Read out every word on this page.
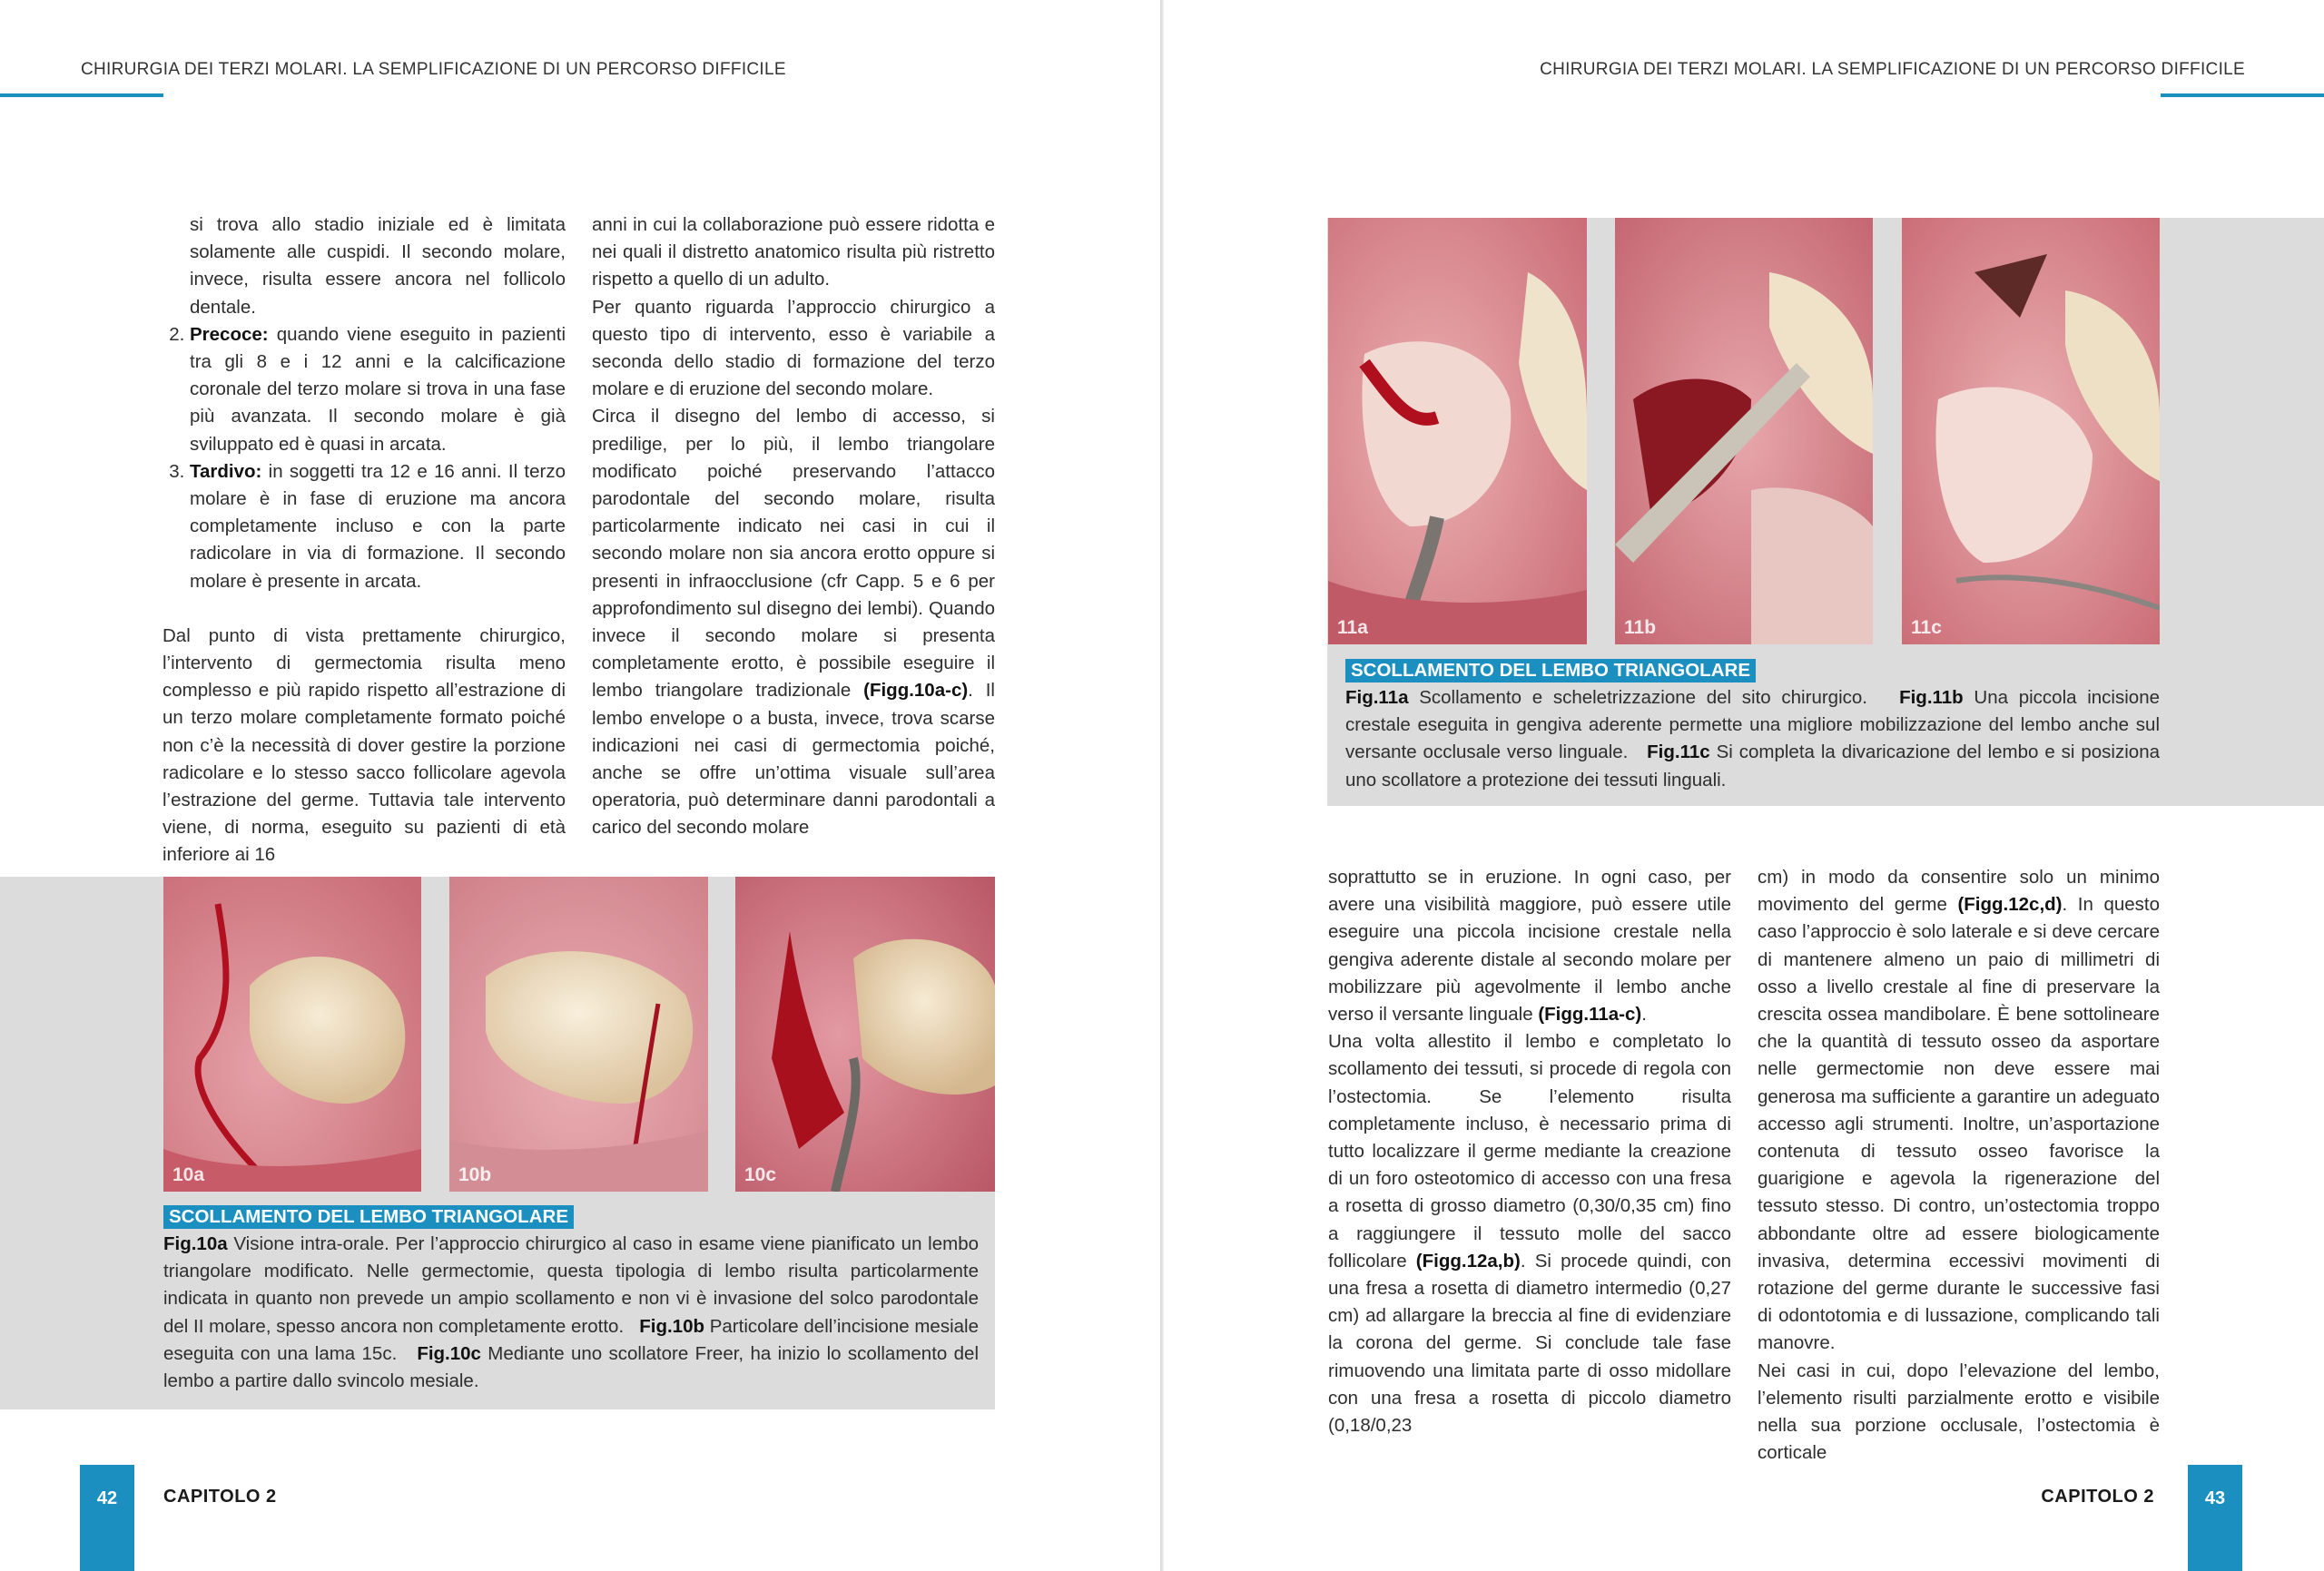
CHIRURGIA DEI TERZI MOLARI. LA SEMPLIFICAZIONE DI UN PERCORSO DIFFICILE	CHIRURGIA DEI TERZI MOLARI. LA SEMPLIFICAZIONE DI UN PERCORSO DIFFICILE

si trova allo stadio iniziale ed è limitata solamente alle cuspidi. Il secondo molare, invece, risulta essere ancora nel follicolo dentale.

2. Precoce: quando viene eseguito in pazienti tra gli 8 e i 12 anni e la calcificazione coronale del terzo molare si trova in una fase più avanzata. Il secondo molare è già sviluppato ed è quasi in arcata.
3. Tardivo: in soggetti tra 12 e 16 anni. Il terzo molare è in fase di eruzione ma ancora completamente incluso e con la parte radicolare in via di formazione. Il secondo molare è presente in arcata.

Dal punto di vista prettamente chirurgico, l’intervento di germectomia risulta meno complesso e più rapido rispetto all’estrazione di un terzo molare completamente formato poiché non c’è la necessità di dover gestire la porzione radicolare e lo stesso sacco follicolare agevola l’estrazione del germe. Tuttavia tale intervento viene, di norma, eseguito su pazienti di età inferiore ai 16

anni in cui la collaborazione può essere ridotta e nei quali il distretto anatomico risulta più ristretto rispetto a quello di un adulto.

Per quanto riguarda l’approccio chirurgico a questo tipo di intervento, esso è variabile a seconda dello stadio di formazione del terzo molare e di eruzione del secondo molare.

Circa il disegno del lembo di accesso, si predilige, per lo più, il lembo triangolare modificato poiché preservando l’attacco parodontale del secondo molare, risulta particolarmente indicato nei casi in cui il secondo molare non sia ancora erotto oppure si presenti in infraocclusione (cfr Capp. 5 e 6 per approfondimento sul disegno dei lembi). Quando invece il secondo molare si presenta completamente erotto, è possibile eseguire il lembo triangolare tradizionale (Figg.10a-c). Il lembo envelope o a busta, invece, trova scarse indicazioni nei casi di germectomia poiché, anche se offre un’ottima visuale sull’area operatoria, può determinare danni parodontali a carico del secondo molare

10a	10b	10c
SCOLLAMENTO DEL LEMBO TRIANGOLARE

Fig.10a Visione intra-orale. Per l’approccio chirurgico al caso in esame viene pianificato un lembo triangolare modificato. Nelle germectomie, questa tipologia di lembo risulta particolarmente indicata in quanto non prevede un ampio scollamento e non vi è invasione del solco parodontale del II molare, spesso ancora non completamente erotto. Fig.10b Particolare dell’incisione mesiale eseguita con una lama 15c. Fig.10c Mediante uno scollatore Freer, ha inizio lo scollamento del lembo a partire dallo svincolo mesiale.

11a	11b	11c
SCOLLAMENTO DEL LEMBO TRIANGOLARE

Fig.11a Scollamento e scheletrizzazione del sito chirurgico. Fig.11b Una piccola incisione crestale eseguita in gengiva aderente permette una migliore mobilizzazione del lembo anche sul versante occlusale verso linguale. Fig.11c Si completa la divaricazione del lembo e si posiziona uno scollatore a protezione dei tessuti linguali.

soprattutto se in eruzione. In ogni caso, per avere una visibilità maggiore, può essere utile eseguire una piccola incisione crestale nella gengiva aderente distale al secondo molare per mobilizzare più agevolmente il lembo anche verso il versante linguale (Figg.11a-c).

Una volta allestito il lembo e completato lo scollamento dei tessuti, si procede di regola con l’ostectomia. Se l’elemento risulta completamente incluso, è necessario prima di tutto localizzare il germe mediante la creazione di un foro osteotomico di accesso con una fresa a rosetta di grosso diametro (0,30/0,35 cm) fino a raggiungere il tessuto molle del sacco follicolare (Figg.12a,b). Si procede quindi, con una fresa a rosetta di diametro intermedio (0,27 cm) ad allargare la breccia al fine di evidenziare la corona del germe. Si conclude tale fase rimuovendo una limitata parte di osso midollare con una fresa a rosetta di piccolo diametro (0,18/0,23

cm) in modo da consentire solo un minimo movimento del germe (Figg.12c,d). In questo caso l’approccio è solo laterale e si deve cercare di mantenere almeno un paio di millimetri di osso a livello crestale al fine di preservare la crescita ossea mandibolare. È bene sottolineare che la quantità di tessuto osseo da asportare nelle germectomie non deve essere mai generosa ma sufficiente a garantire un adeguato accesso agli strumenti. Inoltre, un’asportazione contenuta di tessuto osseo favorisce la guarigione e agevola la rigenerazione del tessuto stesso. Di contro, un’ostectomia troppo abbondante oltre ad essere biologicamente invasiva, determina eccessivi movimenti di rotazione del germe durante le successive fasi di odontotomia e di lussazione, complicando tali manovre.

Nei casi in cui, dopo l’elevazione del lembo, l’elemento risulti parzialmente erotto e visibile nella sua porzione occlusale, l’ostectomia è corticale

42	CAPITOLO 2	43
CAPITOLO 2
